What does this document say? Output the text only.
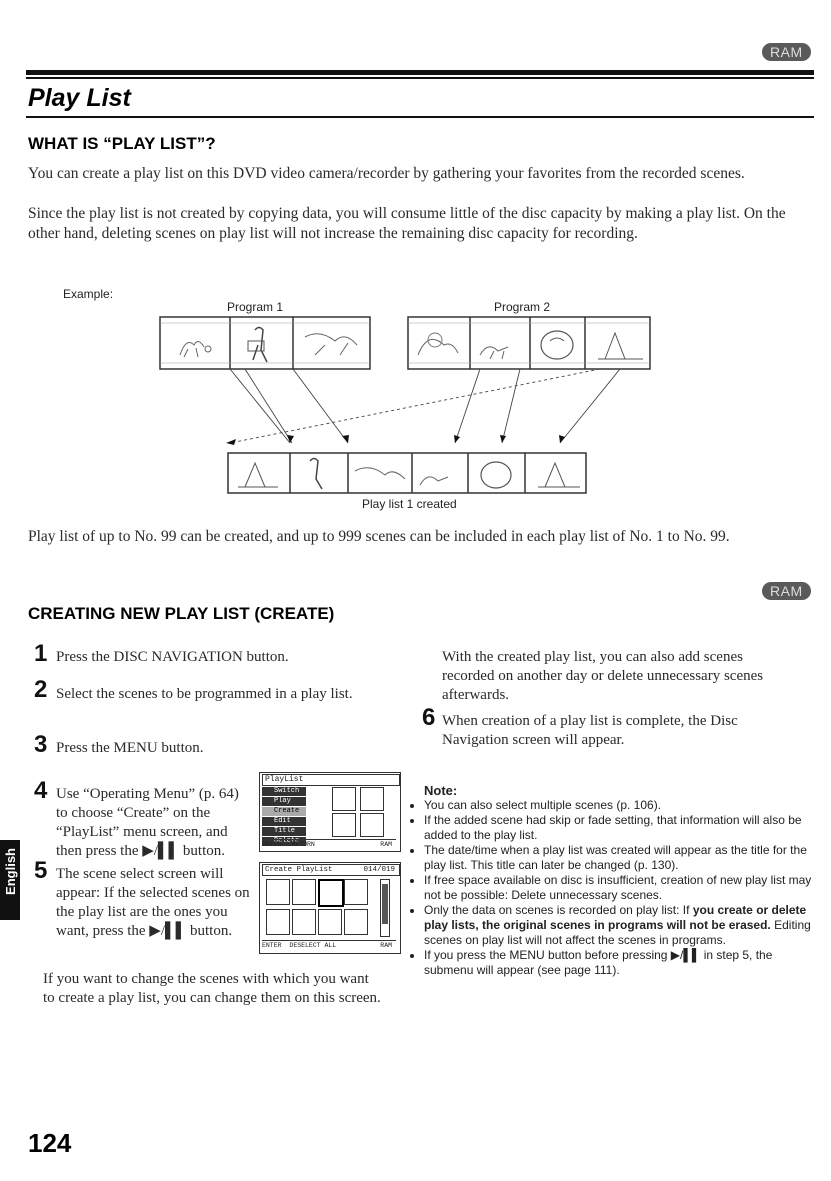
RAM
Play List
WHAT IS “PLAY LIST”?
You can create a play list on this DVD video camera/recorder by gathering your favorites from the recorded scenes.
Since the play list is not created by copying data, you will consume little of the disc capacity by making a play list. On the other hand, deleting scenes on play list will not increase the remaining disc capacity for recording.
Example:
Program 1	Program 2
Play list 1 created
Play list of up to No. 99 can be created, and up to 999 scenes can be included in each play list of No. 1 to No. 99.
RAM
CREATING NEW PLAY LIST (CREATE)
1 Press the DISC NAVIGATION button.
2 Select the scenes to be programmed in a play list.
3 Press the MENU button.
4 Use “Operating Menu” (p. 64) to choose “Create” on the “PlayList” menu screen, and then press the ▶/▌▌ button.
PlayList
Switch
Play
Create
Edit
Title
Delete
ENTER RETURN	RAM
5 The scene select screen will appear: If the selected scenes on the play list are the ones you want, press the ▶/▌▌ button.
Create PlayList	014/019
ENTER DESELECT ALL	RAM
If you want to change the scenes with which you want to create a play list, you can change them on this screen.
With the created play list, you can also add scenes recorded on another day or delete unnecessary scenes afterwards.
6 When creation of a play list is complete, the Disc Navigation screen will appear.
Note:
• You can also select multiple scenes (p. 106).
• If the added scene had skip or fade setting, that information will also be added to the play list.
• The date/time when a play list was created will appear as the title for the play list. This title can later be changed (p. 130).
• If free space available on disc is insufficient, creation of new play list may not be possible: Delete unnecessary scenes.
• Only the data on scenes is recorded on play list: If you create or delete play lists, the original scenes in programs will not be erased. Editing scenes on play list will not affect the scenes in programs.
• If you press the MENU button before pressing ▶/▌▌ in step 5, the submenu will appear (see page 111).
English
124
